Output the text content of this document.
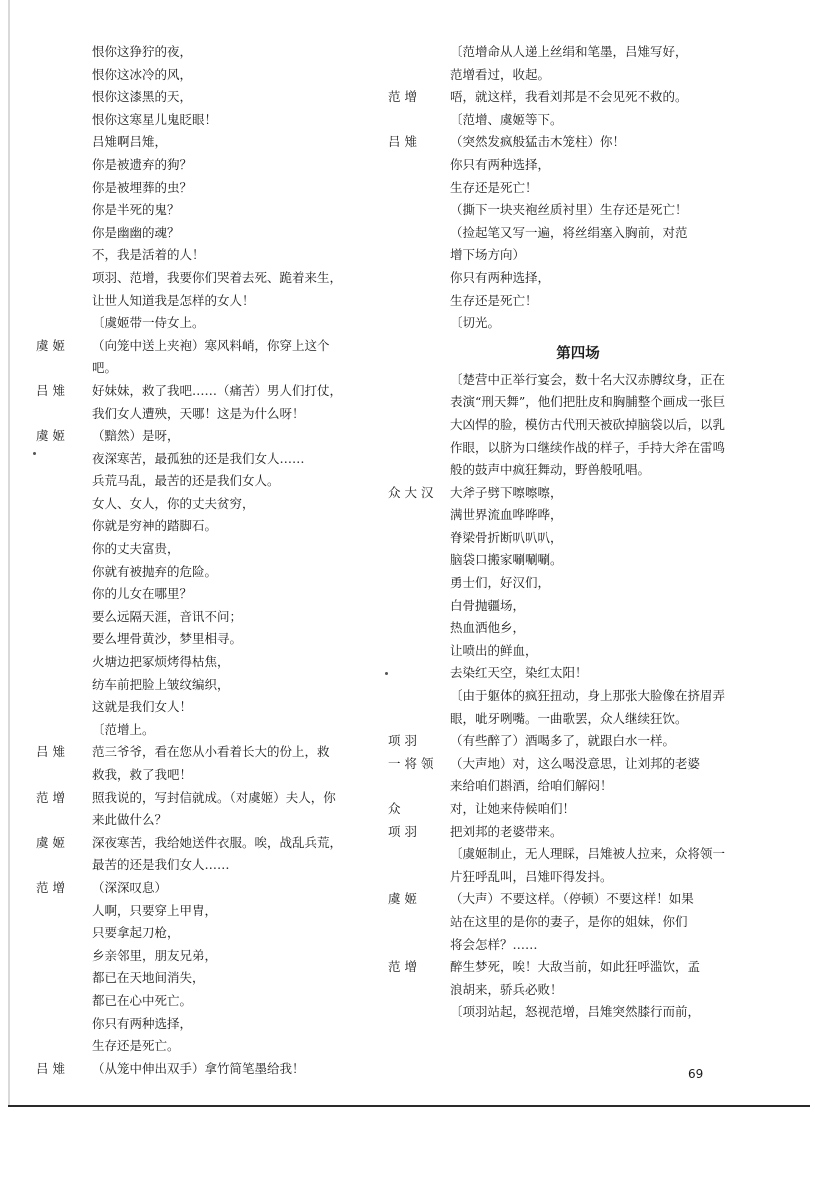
恨你这狰狞的夜，
恨你这冰冷的风，
恨你这漆黑的天，
恨你这寒星儿鬼眨眼！
吕雉啊吕雉，
你是被遗弃的狗？
你是被埋葬的虫？
你是半死的鬼？
你是幽幽的魂？
不，我是活着的人！
项羽、范增，我要你们哭着去死、跪着来生，
让世人知道我是怎样的女人！
〔虞姬带一侍女上。
虞姬	（向笼中送上夹袍）寒风料峭，你穿上这个
吧。
吕雉	好妹妹，救了我吧……（痛苦）男人们打仗，
我们女人遭殃，天哪！这是为什么呀！
虞姬	（黯然）是呀，
夜深寒苦，最孤独的还是我们女人……
兵荒马乱，最苦的还是我们女人。
女人、女人，你的丈夫贫穷，
你就是穷神的踏脚石。
你的丈夫富贵，
你就有被抛弃的危险。
你的儿女在哪里？
要么远隔天涯，音讯不问；
要么埋骨黄沙，梦里相寻。
火塘边把冢烦烤得枯焦，
纺车前把脸上皱纹编织，
这就是我们女人！
〔范增上。
吕雉	范三爷爷，看在您从小看着长大的份上，救
救我，救了我吧！
范增	照我说的，写封信就成。（对虞姬）夫人，你
来此做什么？
虞姬	深夜寒苦，我给她送件衣服。唉，战乱兵荒，
最苦的还是我们女人……
范增	（深深叹息）
人啊，只要穿上甲胄，
只要拿起刀枪，
乡亲邻里，朋友兄弟，
都已在天地间消失，
都已在心中死亡。
你只有两种选择，
生存还是死亡。
吕雉	（从笼中伸出双手）拿竹简笔墨给我！
〔范增命从人递上丝绢和笔墨，吕雉写好，
范增看过，收起。
范增	唔，就这样，我看刘邦是不会见死不救的。
〔范增、虞姬等下。
吕雉	（突然发疯般猛击木笼柱）你！
你只有两种选择，
生存还是死亡！
（撕下一块夹袍丝质衬里）生存还是死亡！
（捡起笔又写一遍，将丝绢塞入胸前，对范
增下场方向）
你只有两种选择，
生存还是死亡！
〔切光。
第四场
〔楚营中正举行宴会，数十名大汉赤膊纹身，正在表演“刑天舞”，他们把肚皮和胸脯整个画成一张巨大凶悍的脸，模仿古代刑天被砍掉脑袋以后，以乳作眼，以脐为口继续作战的样子，手持大斧在雷鸣般的鼓声中疯狂舞动，野兽般吼唱。
众大汉 大斧子劈下嚓嚓嚓，
满世界流血哗哗哗，
脊梁骨折断叭叭叭，
脑袋口搬家唰唰唰。
勇士们，好汉们，
白骨抛疆场，
热血洒他乡，
让喷出的鲜血，
去染红天空，染红太阳！
〔由于躯体的疯狂扭动，身上那张大脸像在挤眉弄眼，呲牙咧嘴。一曲歌罢，众人继续狂饮。
项羽	（有些醉了）酒喝多了，就跟白水一样。
一将领 （大声地）对，这么喝没意思，让刘邦的老婆
来给咱们斟酒，给咱们解闷！
众	对，让她来侍候咱们！
项羽	把刘邦的老婆带来。
〔虞姬制止，无人理睬，吕雉被人拉来，众将领一片狂呼乱叫，吕雉吓得发抖。
虞姬	（大声）不要这样。（停顿）不要这样！如果
站在这里的是你的妻子，是你的姐妹，你们
将会怎样？……
范增	醉生梦死，唉！大敌当前，如此狂呼滥饮，孟
浪胡来，骄兵必败！
〔项羽站起，怒视范增，吕雉突然膝行而前，
69
